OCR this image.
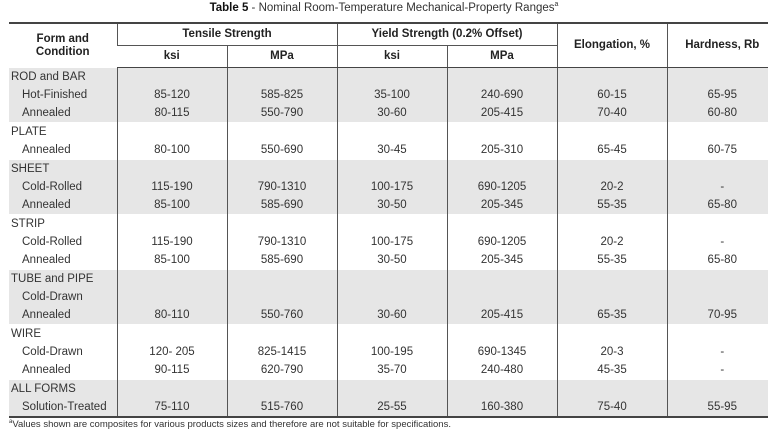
Table 5 - Nominal Room-Temperature Mechanical-Property Ranges$^a$
Form and Condition	Tensile Strength		Yield Strength (0.2% Offset)		Elongation, %	Hardness, Rb
	ksi	MPa	ksi	MPa		
ROD and BAR						
Hot-Finished	85-120	585-825	35-100	240-690	60-15	65-95
Annealed	80-115	550-790	30-60	205-415	70-40	60-80
PLATE						
Annealed	80-100	550-690	30-45	205-310	65-45	60-75
SHEET						
Cold-Rolled	115-190	790-1310	100-175	690-1205	20-2	-
Annealed	85-100	585-690	30-50	205-345	55-35	65-80
STRIP						
Cold-Rolled	115-190	790-1310	100-175	690-1205	20-2	-
Annealed	85-100	585-690	30-50	205-345	55-35	65-80
TUBE and PIPE						
Cold-Drawn						
Annealed	80-110	550-760	30-60	205-415	65-35	70-95
WIRE						
Cold-Drawn	120- 205	825-1415	100-195	690-1345	20-3	-
Annealed	90-115	620-790	35-70	240-480	45-35	-
ALL FORMS						
Solution-Treated	75-110	515-760	25-55	160-380	75-40	55-95
$^a$Values shown are composites for various products sizes and therefore are not suitable for specifications.
